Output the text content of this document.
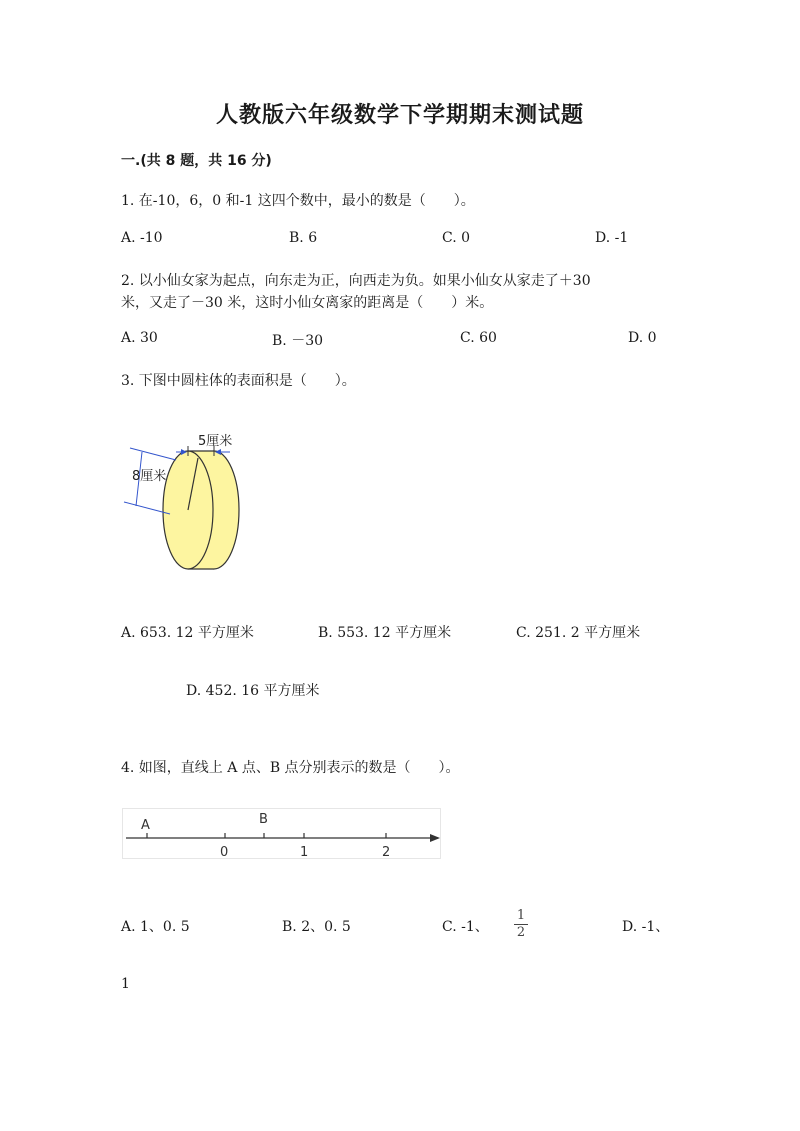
人教版六年级数学下学期期末测试题
一.(共 8 题，共 16 分)
1. 在-10，6，0 和-1 这四个数中，最小的数是（　　）。
A. -10	B. 6	C. 0	D. -1
2. 以小仙女家为起点，向东走为正，向西走为负。如果小仙女从家走了＋30
米，又走了－30 米，这时小仙女离家的距离是（　　）米。
A. 30	B. －30	C. 60	D. 0
3. 下图中圆柱体的表面积是（　　）。
5厘米
8厘米
A. 653. 12 平方厘米	B. 553. 12 平方厘米	C. 251. 2 平方厘米
D. 452. 16 平方厘米
4. 如图，直线上 A 点、B 点分别表示的数是（　　）。
A	B
0	1	2
A. 1、0. 5	B. 2、0. 5	C. -1、
1
2	D. -1、
1
